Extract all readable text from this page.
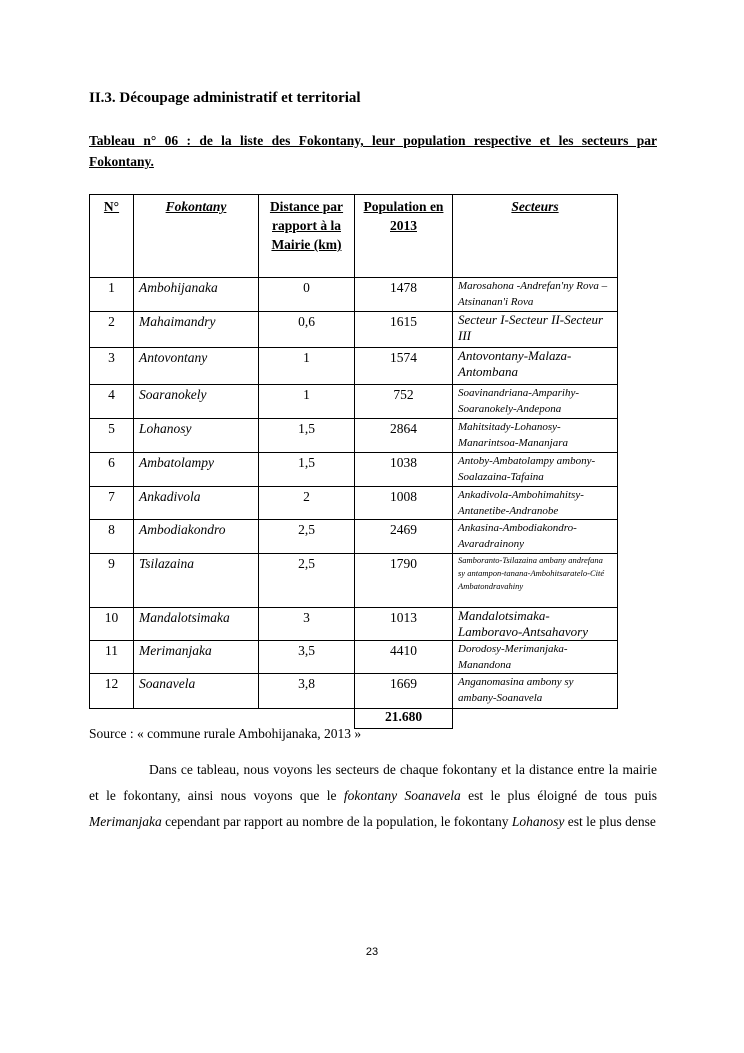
II.3. Découpage administratif et territorial
Tableau n° 06 : de la liste des Fokontany, leur population respective et les secteurs par
Fokontany.
N°	Fokontany	Distance par rapport à la Mairie (km)	Population en 2013	Secteurs
1	Ambohijanaka	0	1478	Marosahona -Andrefan'ny Rova –Atsinanan'i Rova
2	Mahaimandry	0,6	1615	Secteur I-Secteur II-Secteur III
3	Antovontany	1	1574	Antovontany-Malaza-Antombana
4	Soaranokely	1	752	Soavinandriana-Amparihy-Soaranokely-Andepona
5	Lohanosy	1,5	2864	Mahitsitady-Lohanosy-Manarintsoa-Mananjara
6	Ambatolampy	1,5	1038	Antoby-Ambatolampy ambony-Soalazaina-Tafaina
7	Ankadivola	2	1008	Ankadivola-Ambohimahitsy-Antanetibe-Andranobe
8	Ambodiakondro	2,5	2469	Ankasina-Ambodiakondro-Avaradrainony
9	Tsilazaina	2,5	1790	Samboranto-Tsilazaina ambany andrefana sy antampon-tanana-Ambohitsaratelo-Cité Ambatondravahiny
10	Mandalotsimaka	3	1013	Mandalotsimaka-Lamboravo-Antsahavory
11	Merimanjaka	3,5	4410	Dorodosy-Merimanjaka-Manandona
12	Soanavela	3,8	1669	Anganomasina ambony sy ambany-Soanavela
			21.680	
Source : « commune rurale Ambohijanaka, 2013 »
Dans ce tableau, nous voyons les secteurs de chaque fokontany et la distance entre la mairie et le fokontany, ainsi nous voyons que le fokontany Soanavela est le plus éloigné de tous puis Merimanjaka cependant par rapport au nombre de la population, le fokontany Lohanosy est le plus dense
23
